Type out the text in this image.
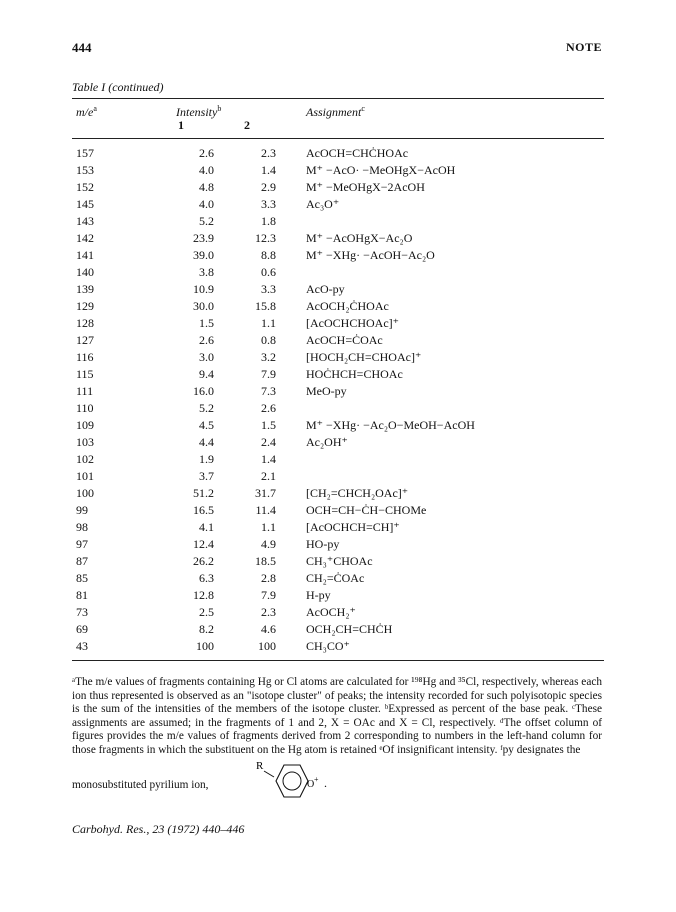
444	NOTE
Table I (continued)
$m/e^a$	Intensity$^b$	Assignment$^c$
1	2
157	2.6	2.3	AcOCH=CHĊHOAc
153	4.0	1.4	M⁺ −AcO· −MeOHgX−AcOH
152	4.8	2.9	M⁺ −MeOHgX−2AcOH
145	4.0	3.3	Ac₃O⁺
143	5.2	1.8
142	23.9	12.3	M⁺ −AcOHgX−Ac₂O
141	39.0	8.8	M⁺ −XHg· −AcOH−Ac₂O
140	3.8	0.6
139	10.9	3.3	AcO-py
129	30.0	15.8	AcOCH₂ĊHOAc
128	1.5	1.1	[AcOCHCHOAc]⁺
127	2.6	0.8	AcOCH=ĊOAc
116	3.0	3.2	[HOCH₂CH=CHOAc]⁺
115	9.4	7.9	HOĊHCH=CHOAc
111	16.0	7.3	MeO-py
110	5.2	2.6
109	4.5	1.5	M⁺ −XHg· −Ac₂O−MeOH−AcOH
103	4.4	2.4	Ac₂OH⁺
102	1.9	1.4
101	3.7	2.1
100	51.2	31.7	[CH₂=CHCH₂OAc]⁺
99	16.5	11.4	OCH=CH−ĊH−CHOMe
98	4.1	1.1	[AcOCHCH=CH]⁺
97	12.4	4.9	HO-py
87	26.2	18.5	CH₃⁺CHOAc
85	6.3	2.8	CH₂=ĊOAc
81	12.8	7.9	H-py
73	2.5	2.3	AcOCH₂⁺
69	8.2	4.6	OCH₂CH=CHĊH
43	100	100	CH₃CO⁺
ᵃThe m/e values of fragments containing Hg or Cl atoms are calculated for ¹⁹⁸Hg and ³⁵Cl, respectively, whereas each ion thus represented is observed as an "isotope cluster" of peaks; the intensity recorded for such polyisotopic species is the sum of the intensities of the members of the isotope cluster. ᵇExpressed as percent of the base peak. ᶜThese assignments are assumed; in the fragments of 1 and 2, X = OAc and X = Cl, respectively. ᵈThe offset column of figures provides the m/e values of fragments derived from 2 corresponding to numbers in the left-hand column for those fragments in which the substituent on the Hg atom is retained ᵉOf insignificant intensity. ᶠpy designates the
monosubstituted pyrilium ion,
R
O + .
Carbohyd. Res., 23 (1972) 440–446
